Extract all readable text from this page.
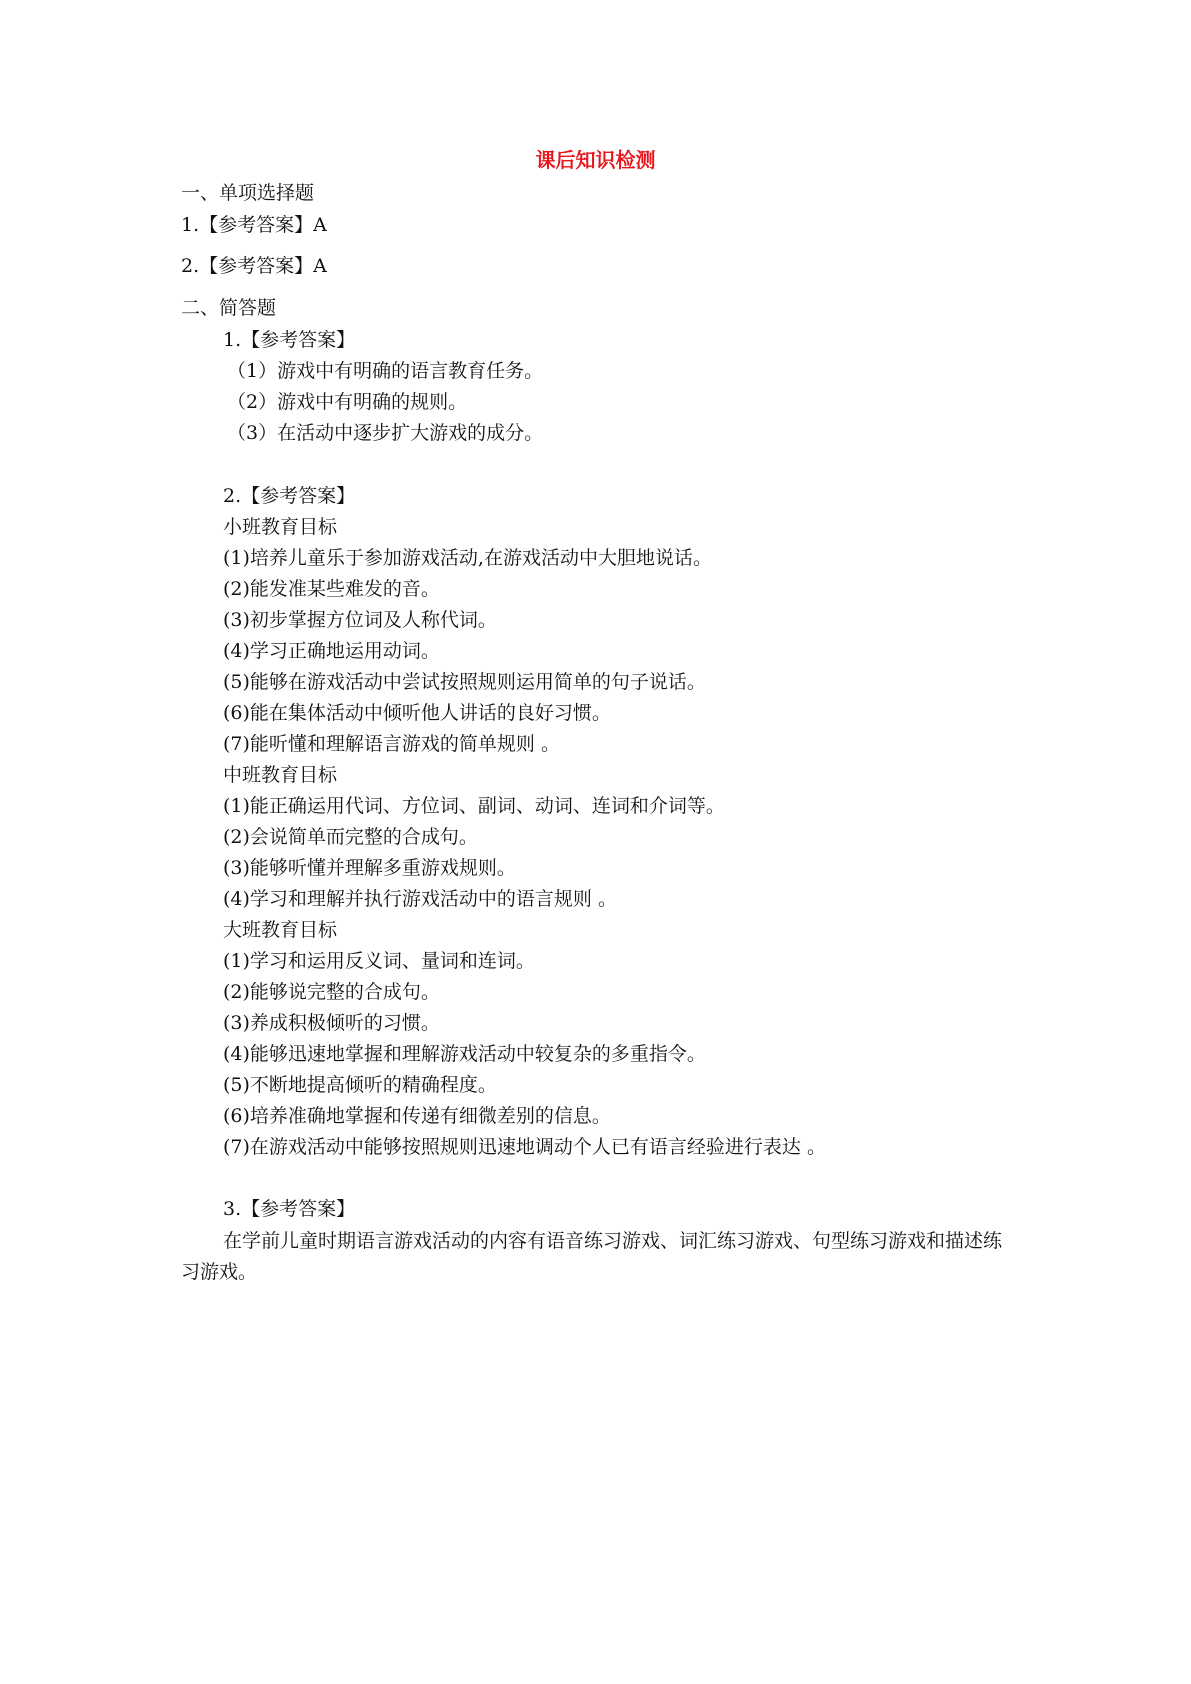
课后知识检测
一、单项选择题
1.【参考答案】A
2.【参考答案】A
二、简答题
1.【参考答案】
（1）游戏中有明确的语言教育任务。
（2）游戏中有明确的规则。
（3）在活动中逐步扩大游戏的成分。
2.【参考答案】
小班教育目标
(1)培养儿童乐于参加游戏活动,在游戏活动中大胆地说话。
(2)能发准某些难发的音。
(3)初步掌握方位词及人称代词。
(4)学习正确地运用动词。
(5)能够在游戏活动中尝试按照规则运用简单的句子说话。
(6)能在集体活动中倾听他人讲话的良好习惯。
(7)能听懂和理解语言游戏的简单规则 。
中班教育目标
(1)能正确运用代词、方位词、副词、动词、连词和介词等。
(2)会说简单而完整的合成句。
(3)能够听懂并理解多重游戏规则。
(4)学习和理解并执行游戏活动中的语言规则 。
大班教育目标
(1)学习和运用反义词、量词和连词。
(2)能够说完整的合成句。
(3)养成积极倾听的习惯。
(4)能够迅速地掌握和理解游戏活动中较复杂的多重指令。
(5)不断地提高倾听的精确程度。
(6)培养准确地掌握和传递有细微差别的信息。
(7)在游戏活动中能够按照规则迅速地调动个人已有语言经验进行表达 。
3.【参考答案】
在学前儿童时期语言游戏活动的内容有语音练习游戏、词汇练习游戏、句型练习游戏和描述练习游戏。
